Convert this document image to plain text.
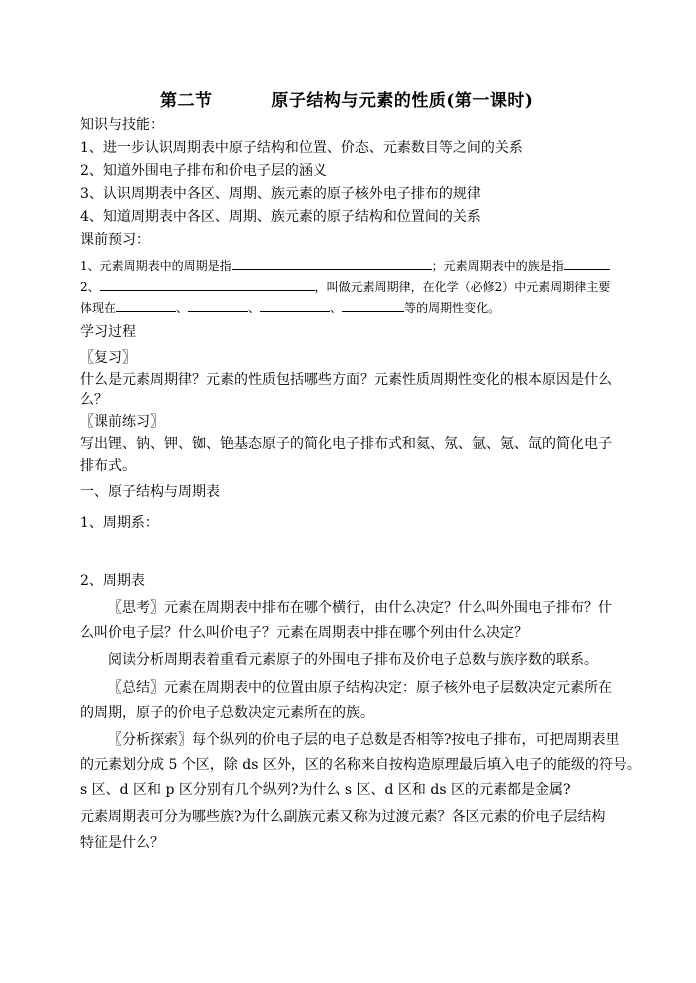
第二节	原子结构与元素的性质(第一课时)
知识与技能：
1、进一步认识周期表中原子结构和位置、价态、元素数目等之间的关系
2、知道外围电子排布和价电子层的涵义
3、认识周期表中各区、周期、族元素的原子核外电子排布的规律
4、知道周期表中各区、周期、族元素的原子结构和位置间的关系
课前预习：
1、元素周期表中的周期是指	；元素周期表中的族是指
2、	，叫做元素周期律，在化学（必修2）中元素周期律主要
体现在	、	、	、	等的周期性变化。
学习过程
〖复习〗
什么是元素周期律？元素的性质包括哪些方面？元素性质周期性变化的根本原因是什么
么？
〖课前练习〗
写出锂、钠、钾、铷、铯基态原子的简化电子排布式和氦、氖、氩、氪、氙的简化电子
排布式。
一、原子结构与周期表
1、周期系：
2、周期表
〖思考〗元素在周期表中排布在哪个横行，由什么决定？什么叫外围电子排布？什
么叫价电子层？什么叫价电子？元素在周期表中排在哪个列由什么决定？
阅读分析周期表着重看元素原子的外围电子排布及价电子总数与族序数的联系。
〖总结〗元素在周期表中的位置由原子结构决定：原子核外电子层数决定元素所在
的周期，原子的价电子总数决定元素所在的族。
〖分析探索〗每个纵列的价电子层的电子总数是否相等?按电子排布，可把周期表里
的元素划分成 5 个区，除 ds 区外，区的名称来自按构造原理最后填入电子的能级的符号。
s 区、d 区和 p 区分别有几个纵列?为什么 s 区、d 区和 ds 区的元素都是金属?
元素周期表可分为哪些族?为什么副族元素又称为过渡元素？各区元素的价电子层结构
特征是什么？
